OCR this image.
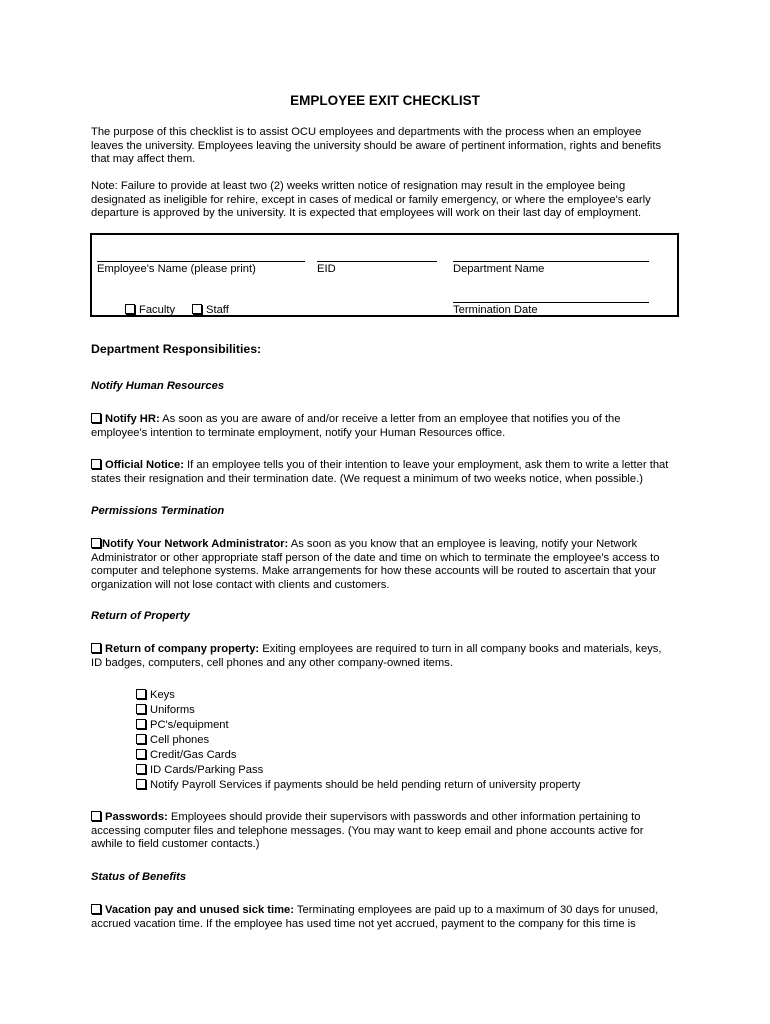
EMPLOYEE EXIT CHECKLIST
The purpose of this checklist is to assist OCU employees and departments with the process when an employee
leaves the university. Employees leaving the university should be aware of pertinent information, rights and benefits
that may affect them.
Note: Failure to provide at least two (2) weeks written notice of resignation may result in the employee being
designated as ineligible for rehire, except in cases of medical or family emergency, or where the employee's early
departure is approved by the university. It is expected that employees will work on their last day of employment.
Employee's Name (please print)	EID	Department Name
Faculty	Staff	Termination Date
Department Responsibilities:
Notify Human Resources
Notify HR: As soon as you are aware of and/or receive a letter from an employee that notifies you of the
employee's intention to terminate employment, notify your Human Resources office.
Official Notice: If an employee tells you of their intention to leave your employment, ask them to write a letter that
states their resignation and their termination date. (We request a minimum of two weeks notice, when possible.)
Permissions Termination
Notify Your Network Administrator: As soon as you know that an employee is leaving, notify your Network
Administrator or other appropriate staff person of the date and time on which to terminate the employee's access to
computer and telephone systems. Make arrangements for how these accounts will be routed to ascertain that your
organization will not lose contact with clients and customers.
Return of Property
Return of company property: Exiting employees are required to turn in all company books and materials, keys,
ID badges, computers, cell phones and any other company-owned items.
Keys
Uniforms
PC's/equipment
Cell phones
Credit/Gas Cards
ID Cards/Parking Pass
Notify Payroll Services if payments should be held pending return of university property
Passwords: Employees should provide their supervisors with passwords and other information pertaining to
accessing computer files and telephone messages. (You may want to keep email and phone accounts active for
awhile to field customer contacts.)
Status of Benefits
Vacation pay and unused sick time: Terminating employees are paid up to a maximum of 30 days for unused,
accrued vacation time. If the employee has used time not yet accrued, payment to the company for this time is
